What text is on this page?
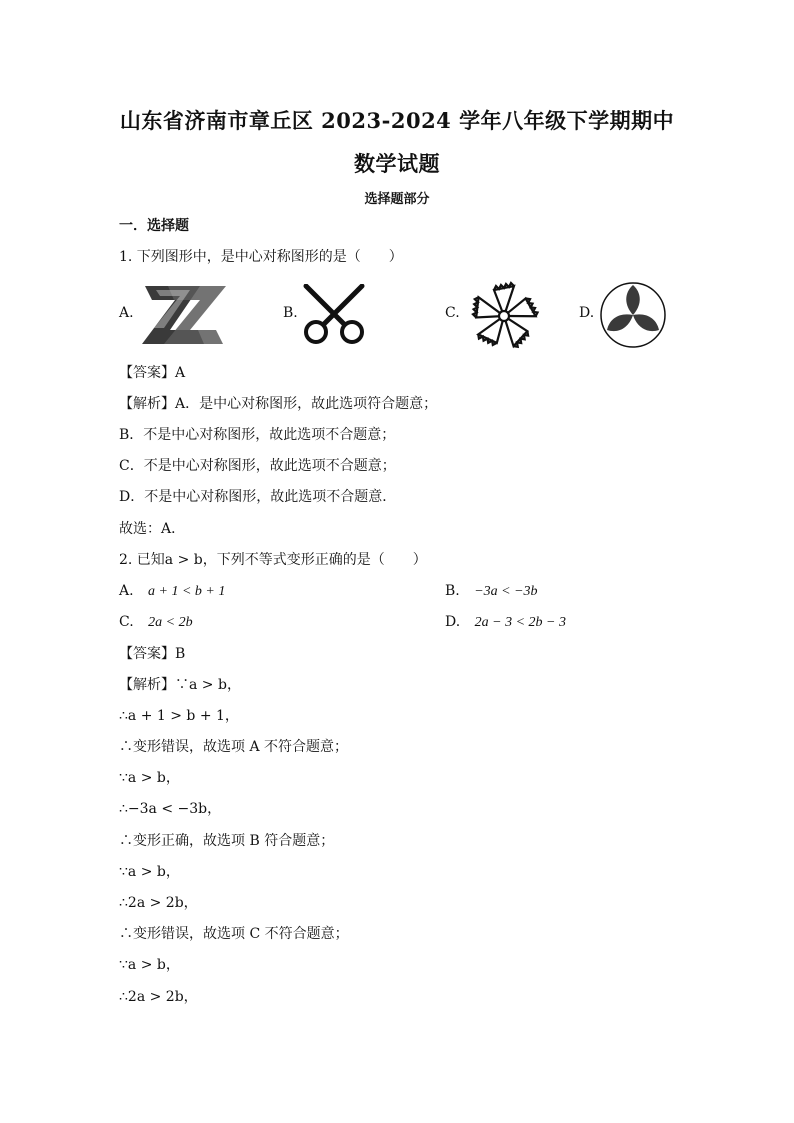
山东省济南市章丘区 2023-2024 学年八年级下学期期中
数学试题
选择题部分
一．选择题
1. 下列图形中，是中心对称图形的是（　　）
A.	B.	C.	D.
【答案】A
【解析】A．是中心对称图形，故此选项符合题意；
B．不是中心对称图形，故此选项不合题意；
C．不是中心对称图形，故此选项不合题意；
D．不是中心对称图形，故此选项不合题意．
故选：A．
2. 已知a > b，下列不等式变形正确的是（　　）
A. a + 1 < b + 1	B. −3a < −3b
C. 2a < 2b	D. 2a − 3 < 2b − 3
【答案】B
【解析】∵a > b，
∴a + 1 > b + 1，
∴变形错误，故选项 A 不符合题意；
∵a > b，
∴−3a < −3b，
∴变形正确，故选项 B 符合题意；
∵a > b，
∴2a > 2b，
∴变形错误，故选项 C 不符合题意；
∵a > b，
∴2a > 2b，
